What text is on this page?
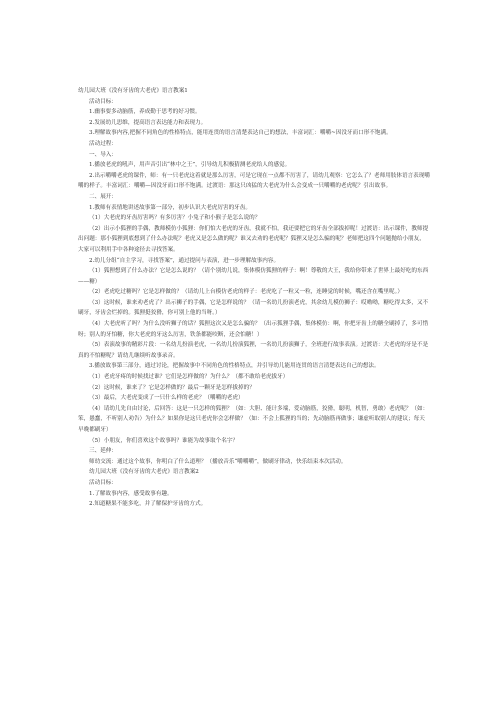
幼儿园大班《没有牙齿的大老虎》语言教案1

活动目标：

1.幽事要多动脑筋，养成勤于思考的好习惯。

2.发展幼儿思维，提高语言表达能力和表现力。

3.理解故事内容,把握不同角色的性格特点，能用连贯的语言清楚表达自己的想法，丰富词汇：嚼嚼~因没牙而口形不饱满。

活动过程：

一、导入：

1.播放老虎的吼声，用声音引出“林中之王”，引导幼儿积极猜测老虎给人的感觉。

2.出示嚼嚼老虎的课件，师：有一只老虎这着就是那么厉害，可是它现在一点都不厉害了，请幼儿观察：它怎么了？老师用肢体语言表现嚼嚼的样子。丰富词汇：嚼嚼—因没牙而口形不饱满。过渡语：那这只凶猛的大老虎为什么会变成一只嚼嚼的老虎呢？引出故事。

二、展开：

1.教师有表情地讲述故事第一部分，初步认识大老虎厉害的牙齿。

（1）大老虎的牙齿厉害吗？有多厉害？小兔子和小猴子是怎么说的？

（2）出示小狐狸的手偶，教师模仿小狐狸：你们怕大老虎的牙齿，我就不怕，我还要把它的牙齿全部拔掉呢！过渡语：出示课件，教师提出问题：那小狐狸到底想到了什么办法呢？老虎又是怎么做的呢？谁又去劝的老虎呢？狐狸又是怎么骗的呢？老师把这四个问题抛给小朋友，大家可以利用手中各种途径去寻找答案。

2.幼儿分组“自主学习，寻找答案”，通过提问与表演，进一步理解故事内容。

（1）狐狸想到了什么办法？它是怎么说的？（请个别幼儿说，集体模仿狐狸的样子：啊！尊敬的大王，我给你带来了世界上最好吃的东西——糖）

（2）老虎吃过糖吗？它是怎样做的？（请幼儿上台模仿老虎的样子：老虎吃了一粒又一粒，连睡觉的时候，嘴还含在嘴里呢。）

（3）这时候，谁来劝老虎了？出示狮子的手偶，它是怎样说的？（请一名幼儿扮演老虎，其余幼儿模仿狮子：哎呦呦，糖吃得太多，又不刷牙，牙齿会烂掉的。狐狸挺狡猾，你可别上他的当呀。）

（4）大老虎听了吗？为什么没听狮子的话？狐狸这次又是怎么骗的？（出示狐狸手偶，集体模仿：啊，你把牙齿上的糖全刷掉了，多可惜呀；别人的牙怕糖，你大老虎的牙这么厉害，铁条都能咬断，还会怕糖！）

（5）表演故事的精彩片段：一名幼儿扮演老虎，一名幼儿扮演狐狸，一名幼儿扮演狮子，全班进行故事表演。过渡语：大老虎的牙是不是真的不怕糖呢？请幼儿继续听故事录音。

3.播放故事第三部分，通过讨论，把握故事中不同角色的性格特点，并引导幼儿能用连贯的语言清楚表达自己的想法。

（1）老虎牙疼的时候找过谁？它们是怎样做的？为什么？（都不敢给老虎拔牙）

（2）这时候，谁来了？它是怎样做的？最后一颗牙是怎样拔掉的？

（3）最后，大老虎变成了一只什么样的老虎？（嚼嚼的老虎）

（4）请幼儿先自由讨论，后回答：这是一只怎样的狐狸？（如：大胆、能计多端，爱动脑筋，狡猾，聪明，机智，勇敢）老虎呢？（如：笨，愚蠢，不听别人劝告）为什么？如果你是这只老虎你会怎样做？（如：不会上狐狸的当的；先动脑筋再做事；谦虚听取别人的建议；每天早晚都刷牙）

（5）小朋友，你们喜欢这个故事吗？谁能为故事取个名字？

三、延伸：

师幼交流：通过这个故事，你明白了什么道理？（播放音乐“嚼嚼嚼”，做刷牙律动，快乐结束本次活动。

幼儿园大班《没有牙齿的大老虎》语言教案2

活动目标：

1.了解故事内容，感受故事有趣。

2.知道糖果不能多吃，并了解保护牙齿的方式。
